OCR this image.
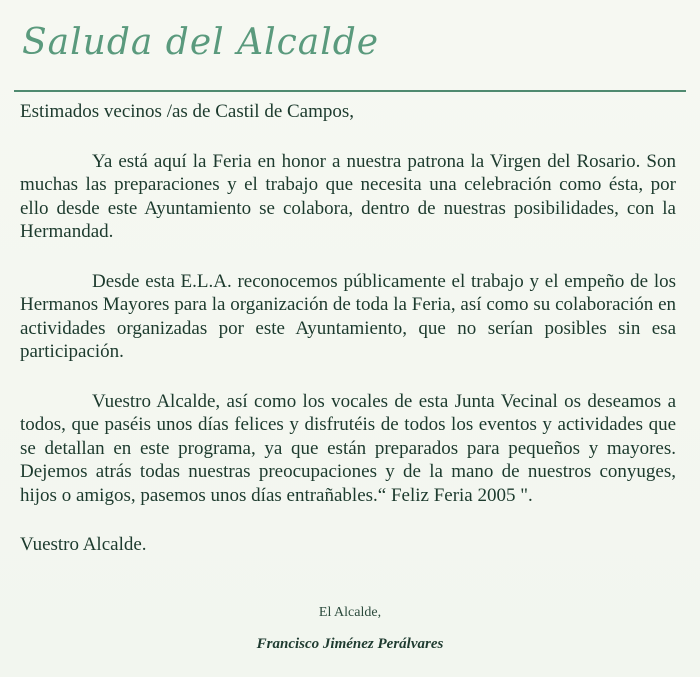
Saluda del Alcalde

Estimados vecinos /as de Castil de Campos,

Ya está aquí la Feria en honor a nuestra patrona la Virgen del Rosario. Son muchas las preparaciones y el trabajo que necesita una celebración como ésta, por ello desde este Ayuntamiento se colabora, dentro de nuestras posibilidades, con la Hermandad.

Desde esta E.L.A. reconocemos públicamente el trabajo y el empeño de los Hermanos Mayores para la organización de toda la Feria, así como su colaboración en actividades organizadas por este Ayuntamiento, que no serían posibles sin esa participación.

Vuestro Alcalde, así como los vocales de esta Junta Vecinal os deseamos a todos, que paséis unos días felices y disfrutéis de todos los eventos y actividades que se detallan en este programa, ya que están preparados para pequeños y mayores. Dejemos atrás todas nuestras preocupaciones y de la mano de nuestros conyuges, hijos o amigos, pasemos unos días entrañables.“ Feliz Feria 2005 ".

Vuestro Alcalde.

El Alcalde,
Francisco Jiménez Perálvares
